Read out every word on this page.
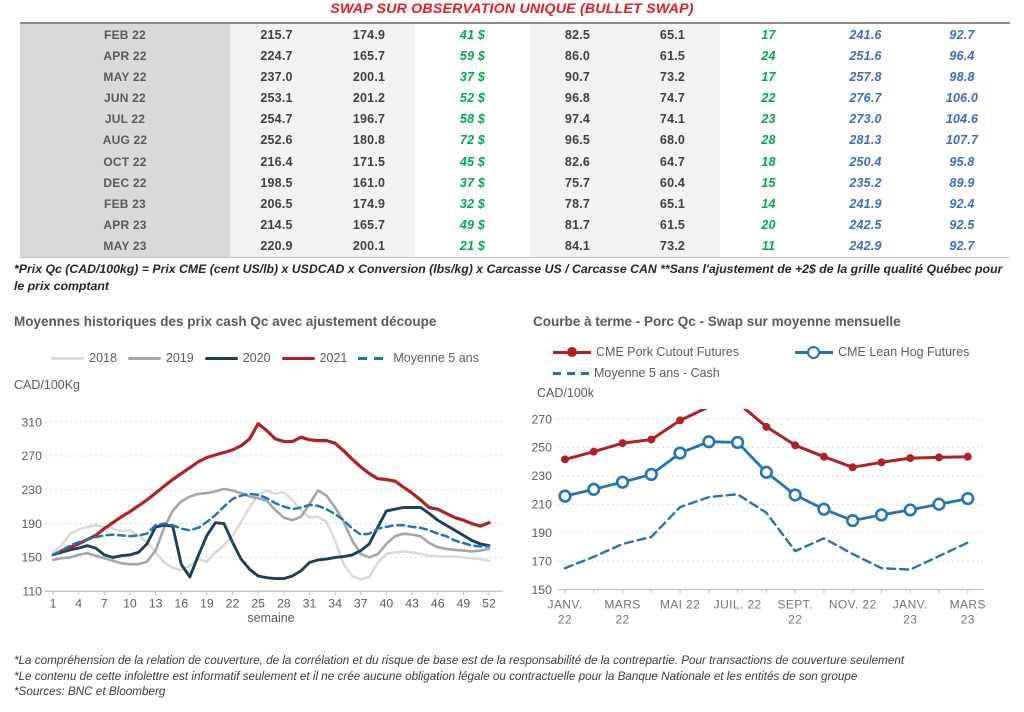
SWAP SUR OBSERVATION UNIQUE (BULLET SWAP)
FEB 22	215.7	174.9	41 $	82.5	65.1	17	241.6	92.7
APR 22	224.7	165.7	59 $	86.0	61.5	24	251.6	96.4
MAY 22	237.0	200.1	37 $	90.7	73.2	17	257.8	98.8
JUN 22	253.1	201.2	52 $	96.8	74.7	22	276.7	106.0
JUL 22	254.7	196.7	58 $	97.4	74.1	23	273.0	104.6
AUG 22	252.6	180.8	72 $	96.5	68.0	28	281.3	107.7
OCT 22	216.4	171.5	45 $	82.6	64.7	18	250.4	95.8
DEC 22	198.5	161.0	37 $	75.7	60.4	15	235.2	89.9
FEB 23	206.5	174.9	32 $	78.7	65.1	14	241.9	92.4
APR 23	214.5	165.7	49 $	81.7	61.5	20	242.5	92.5
MAY 23	220.9	200.1	21 $	84.1	73.2	11	242.9	92.7
*Prix Qc (CAD/100kg) = Prix CME (cent US/lb) x USDCAD x Conversion (lbs/kg) x Carcasse US / Carcasse CAN **Sans l'ajustement de +2$ de la grille qualité Québec pour le prix comptant
Moyennes historiques des prix cash Qc avec ajustement découpe
2018	2019	2020	2021	Moyenne 5 ans
CAD/100Kg
110
150
190
230
270
310
1 4 7 10 13 16 19 22 25 28 31 34 37 40 43 46 49 52
semaine
Courbe à terme - Porc Qc - Swap sur moyenne mensuelle
CME Pork Cutout Futures	CME Lean Hog Futures
Moyenne 5 ans - Cash
CAD/100k
150
170
190
210
230
250
270
JANV.
22
MARS
22
MAI 22 JUIL. 22 SEPT.
22
NOV. 22 JANV.
23
MARS
23
*La compréhension de la relation de couverture, de la corrélation et du risque de base est de la responsabilité de la contrepartie. Pour transactions de couverture seulement
*Le contenu de cette infolettre est informatif seulement et il ne crée aucune obligation légale ou contractuelle pour la Banque Nationale et les entités de son groupe
*Sources: BNC et Bloomberg
